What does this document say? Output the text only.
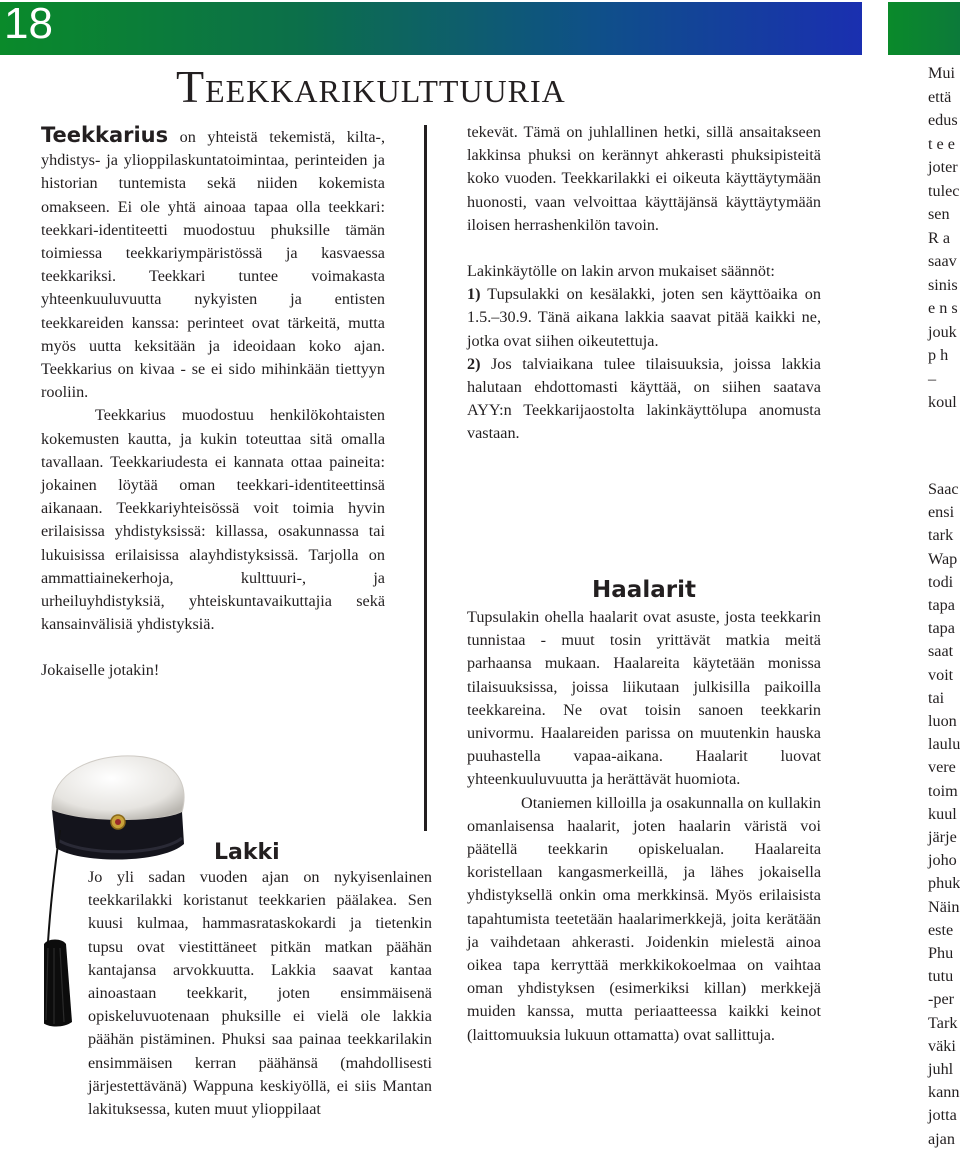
18
Teekkarikulttuuria

Teekkarius on yhteistä tekemistä, kilta-, yhdistys- ja ylioppilaskuntatoimintaa, perinteiden ja historian tuntemista sekä niiden kokemista omakseen. Ei ole yhtä ainoaa tapaa olla teekkari: teekkari-identiteetti muodostuu phuksille tämän toimiessa teekkariympäristössä ja kasvaessa teekkariksi. Teekkari tuntee voimakasta yhteenkuuluvuutta nykyisten ja entisten teekkareiden kanssa: perinteet ovat tärkeitä, mutta myös uutta keksitään ja ideoidaan koko ajan. Teekkarius on kivaa - se ei sido mihinkään tiettyyn rooliin.

Teekkarius muodostuu henkilökohtaisten kokemusten kautta, ja kukin toteuttaa sitä omalla tavallaan. Teekkariudesta ei kannata ottaa paineita: jokainen löytää oman teekkari-identiteettinsä aikanaan. Teekkariyhteisössä voit toimia hyvin erilaisissa yhdistyksissä: killassa, osakunnassa tai lukuisissa erilaisissa alayhdistyksissä. Tarjolla on ammattiainekerhoja, kulttuuri-, ja urheiluyhdistyksiä, yhteiskuntavaikuttajia sekä kansainvälisiä yhdistyksiä.

Jokaiselle jotakin!

Lakki
Jo yli sadan vuoden ajan on nykyisenlainen teekkarilakki koristanut teekkarien päälakea. Sen kuusi kulmaa, hammasrataskokardi ja tietenkin tupsu ovat viestittäneet pitkän matkan päähän kantajansa arvokkuutta. Lakkia saavat kantaa ainoastaan teekkarit, joten ensimmäisenä opiskeluvuotenaan phuksille ei vielä ole lakkia päähän pistäminen. Phuksi saa painaa teekkarilakin ensimmäisen kerran päähänsä (mahdollisesti järjestettävänä) Wappuna keskiyöllä, ei siis Mantan lakituksessa, kuten muut ylioppilaat

tekevät. Tämä on juhlallinen hetki, sillä ansaitakseen lakkinsa phuksi on kerännyt ahkerasti phuksipisteitä koko vuoden. Teekkarilakki ei oikeuta käyttäytymään huonosti, vaan velvoittaa käyttäjänsä käyttäytymään iloisen herrashenkilön tavoin.

Lakinkäytölle on lakin arvon mukaiset säännöt:

1) Tupsulakki on kesälakki, joten sen käyttöaika on 1.5.–30.9. Tänä aikana lakkia saavat pitää kaikki ne, jotka ovat siihen oikeutettuja.

2) Jos talviaikana tulee tilaisuuksia, joissa lakkia halutaan ehdottomasti käyttää, on siihen saatava AYY:n Teekkarijaostolta lakinkäyttölupa anomusta vastaan.

Haalarit

Tupsulakin ohella haalarit ovat asuste, josta teekkarin tunnistaa - muut tosin yrittävät matkia meitä parhaansa mukaan. Haalareita käytetään monissa tilaisuuksissa, joissa liikutaan julkisilla paikoilla teekkareina. Ne ovat toisin sanoen teekkarin univormu. Haalareiden parissa on muutenkin hauska puuhastella vapaa-aikana. Haalarit luovat yhteenkuuluvuutta ja herättävät huomiota.

Otaniemen killoilla ja osakunnalla on kullakin omanlaisensa haalarit, joten haalarin väristä voi päätellä teekkarin opiskelualan. Haalareita koristellaan kangasmerkeillä, ja lähes jokaisella yhdistyksellä onkin oma merkkinsä. Myös erilaisista tapahtumista teetetään haalarimerkkejä, joita kerätään ja vaihdetaan ahkerasti. Joidenkin mielestä ainoa oikea tapa kerryttää merkkikokoelmaa on vaihtaa oman yhdistyksen (esimerkiksi killan) merkkejä muiden kanssa, mutta periaatteessa kaikki keinot (laittomuuksia lukuun ottamatta) ovat sallittuja.

Mui
että
edus
t e e
joter
tulec
sen
R a
saav
sinis
e n s
jouk
p h
–
koul
Saac
ensi
tark
Wap
todi
tapa
tapa
saat
voit
tai
luon
laulu
vere
toim
kuul
järje
joho
phuk
Näin
este
Phu
tutu
-per
Tark
väki
juhl
kann
jotta
ajan
